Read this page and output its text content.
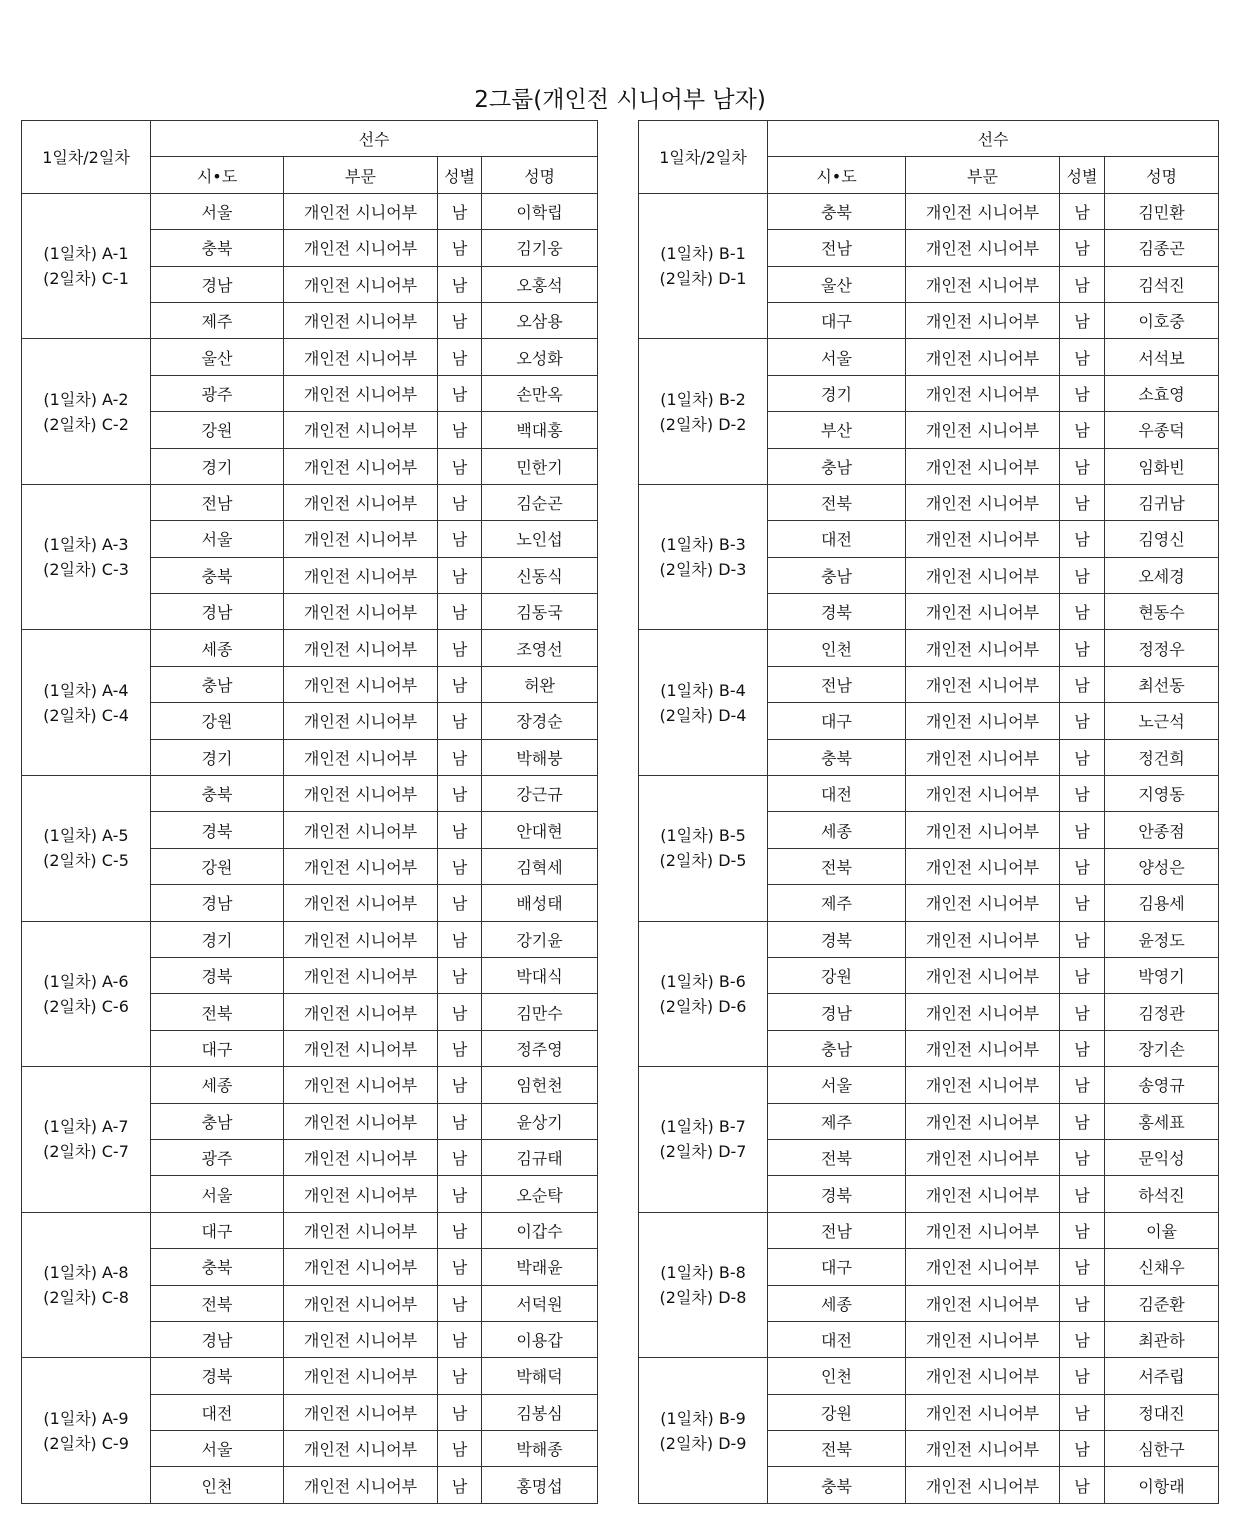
2그룹(개인전 시니어부 남자)
1일차/2일차	선수			
	시•도	부문	성별	성명

(1일차) A-1
(2일차) C-1	서울	개인전 시니어부	남	이학립
	충북	개인전 시니어부	남	김기웅
	경남	개인전 시니어부	남	오홍석
	제주	개인전 시니어부	남	오삼용

(1일차) A-2
(2일차) C-2	울산	개인전 시니어부	남	오성화
	광주	개인전 시니어부	남	손만옥
	강원	개인전 시니어부	남	백대홍
	경기	개인전 시니어부	남	민한기

(1일차) A-3
(2일차) C-3	전남	개인전 시니어부	남	김순곤
	서울	개인전 시니어부	남	노인섭
	충북	개인전 시니어부	남	신동식
	경남	개인전 시니어부	남	김동국

(1일차) A-4
(2일차) C-4	세종	개인전 시니어부	남	조영선
	충남	개인전 시니어부	남	허완
	강원	개인전 시니어부	남	장경순
	경기	개인전 시니어부	남	박해붕

(1일차) A-5
(2일차) C-5	충북	개인전 시니어부	남	강근규
	경북	개인전 시니어부	남	안대현
	강원	개인전 시니어부	남	김혁세
	경남	개인전 시니어부	남	배성태

(1일차) A-6
(2일차) C-6	경기	개인전 시니어부	남	강기윤
	경북	개인전 시니어부	남	박대식
	전북	개인전 시니어부	남	김만수
	대구	개인전 시니어부	남	정주영

(1일차) A-7
(2일차) C-7	세종	개인전 시니어부	남	임헌천
	충남	개인전 시니어부	남	윤상기
	광주	개인전 시니어부	남	김규태
	서울	개인전 시니어부	남	오순탁

(1일차) A-8
(2일차) C-8	대구	개인전 시니어부	남	이갑수
	충북	개인전 시니어부	남	박래윤
	전북	개인전 시니어부	남	서덕원
	경남	개인전 시니어부	남	이용갑

(1일차) A-9
(2일차) C-9	경북	개인전 시니어부	남	박해덕
	대전	개인전 시니어부	남	김봉심
	서울	개인전 시니어부	남	박해종
	인천	개인전 시니어부	남	홍명섭
1일차/2일차	선수			
	시•도	부문	성별	성명

(1일차) B-1
(2일차) D-1	충북	개인전 시니어부	남	김민환
	전남	개인전 시니어부	남	김종곤
	울산	개인전 시니어부	남	김석진
	대구	개인전 시니어부	남	이호중

(1일차) B-2
(2일차) D-2	서울	개인전 시니어부	남	서석보
	경기	개인전 시니어부	남	소효영
	부산	개인전 시니어부	남	우종덕
	충남	개인전 시니어부	남	임화빈

(1일차) B-3
(2일차) D-3	전북	개인전 시니어부	남	김귀남
	대전	개인전 시니어부	남	김영신
	충남	개인전 시니어부	남	오세경
	경북	개인전 시니어부	남	현동수

(1일차) B-4
(2일차) D-4	인천	개인전 시니어부	남	정정우
	전남	개인전 시니어부	남	최선동
	대구	개인전 시니어부	남	노근석
	충북	개인전 시니어부	남	정건희

(1일차) B-5
(2일차) D-5	대전	개인전 시니어부	남	지영동
	세종	개인전 시니어부	남	안종점
	전북	개인전 시니어부	남	양성은
	제주	개인전 시니어부	남	김용세

(1일차) B-6
(2일차) D-6	경북	개인전 시니어부	남	윤정도
	강원	개인전 시니어부	남	박영기
	경남	개인전 시니어부	남	김정관
	충남	개인전 시니어부	남	장기손

(1일차) B-7
(2일차) D-7	서울	개인전 시니어부	남	송영규
	제주	개인전 시니어부	남	홍세표
	전북	개인전 시니어부	남	문익성
	경북	개인전 시니어부	남	하석진

(1일차) B-8
(2일차) D-8	전남	개인전 시니어부	남	이율
	대구	개인전 시니어부	남	신채우
	세종	개인전 시니어부	남	김준환
	대전	개인전 시니어부	남	최관하

(1일차) B-9
(2일차) D-9	인천	개인전 시니어부	남	서주립
	강원	개인전 시니어부	남	정대진
	전북	개인전 시니어부	남	심한구
	충북	개인전 시니어부	남	이항래
